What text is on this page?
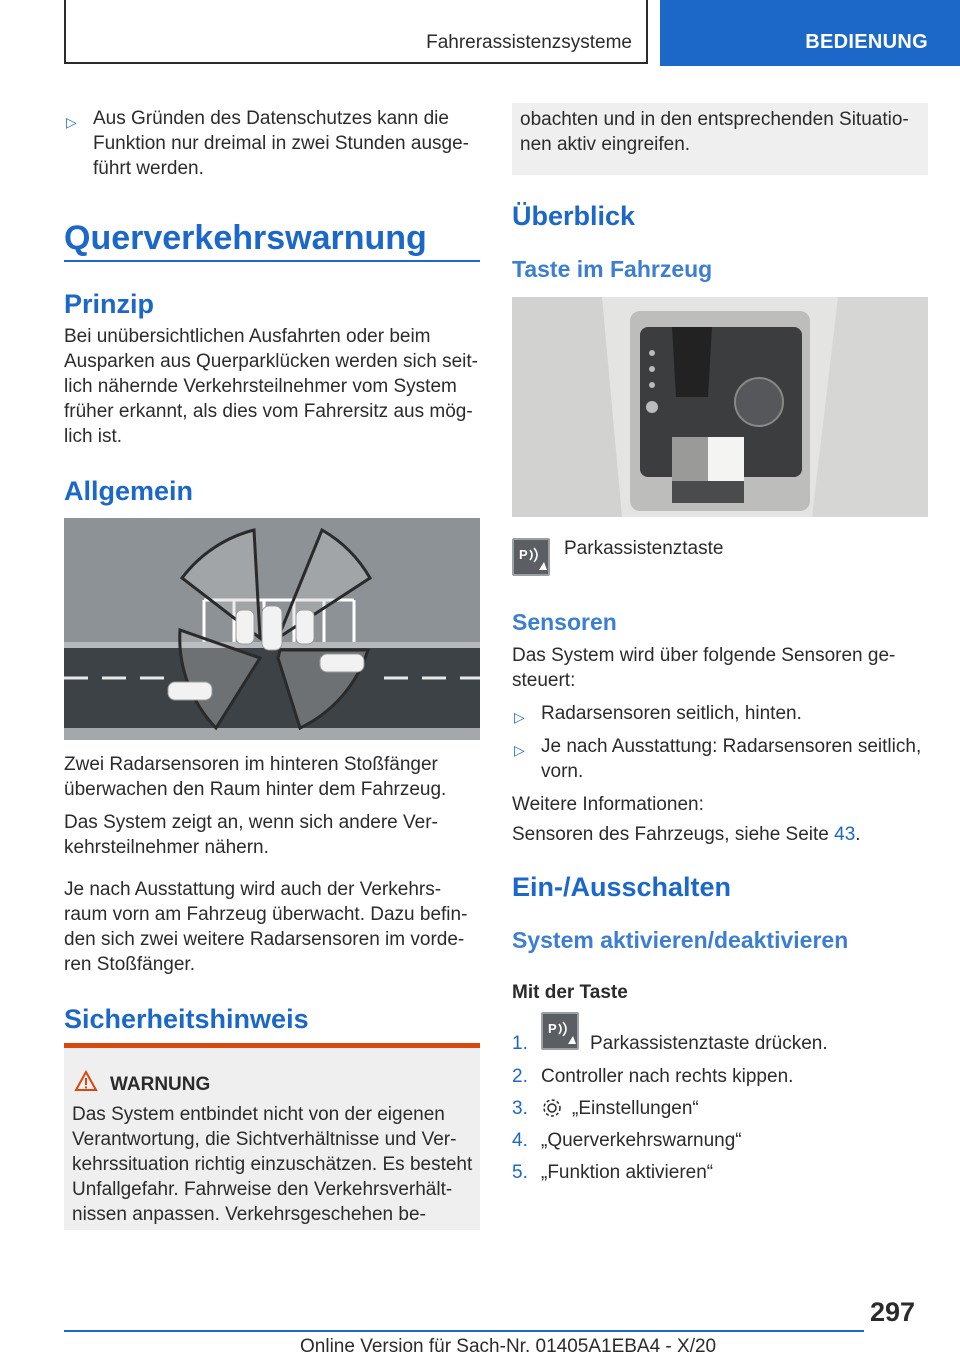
Fahrerassistenzsysteme	BEDIENUNG
▷ Aus Gründen des Datenschutzes kann die
Funktion nur dreimal in zwei Stunden ausge-
führt werden.
Querverkehrswarnung
Prinzip
Bei unübersichtlichen Ausfahrten oder beim
Ausparken aus Querparklücken werden sich seit-
lich nähernde Verkehrsteilnehmer vom System
früher erkannt, als dies vom Fahrersitz aus mög-
lich ist.
Allgemein
Zwei Radarsensoren im hinteren Stoßfänger
überwachen den Raum hinter dem Fahrzeug.
Das System zeigt an, wenn sich andere Ver-
kehrsteilnehmer nähern.
Je nach Ausstattung wird auch der Verkehrs-
raum vorn am Fahrzeug überwacht. Dazu befin-
den sich zwei weitere Radarsensoren im vorde-
ren Stoßfänger.
Sicherheitshinweis
WARNUNG
Das System entbindet nicht von der eigenen
Verantwortung, die Sichtverhältnisse und Ver-
kehrssituation richtig einzuschätzen. Es besteht
Unfallgefahr. Fahrweise den Verkehrsverhält-
nissen anpassen. Verkehrsgeschehen be-
obachten und in den entsprechenden Situatio-
nen aktiv eingreifen.
Überblick
Taste im Fahrzeug
P Parkassistenztaste
Sensoren
Das System wird über folgende Sensoren ge-
steuert:
▷ Radarsensoren seitlich, hinten.
▷ Je nach Ausstattung: Radarsensoren seitlich,
vorn.
Weitere Informationen:
Sensoren des Fahrzeugs, siehe Seite 43.
Ein-/Ausschalten
System aktivieren/deaktivieren
Mit der Taste
1.
P
Parkassistenztaste drücken.
2. Controller nach rechts kippen.
3. „Einstellungen“
4. „Querverkehrswarnung“
5. „Funktion aktivieren“
297
Online Version für Sach-Nr. 01405A1EBA4 - X/20
